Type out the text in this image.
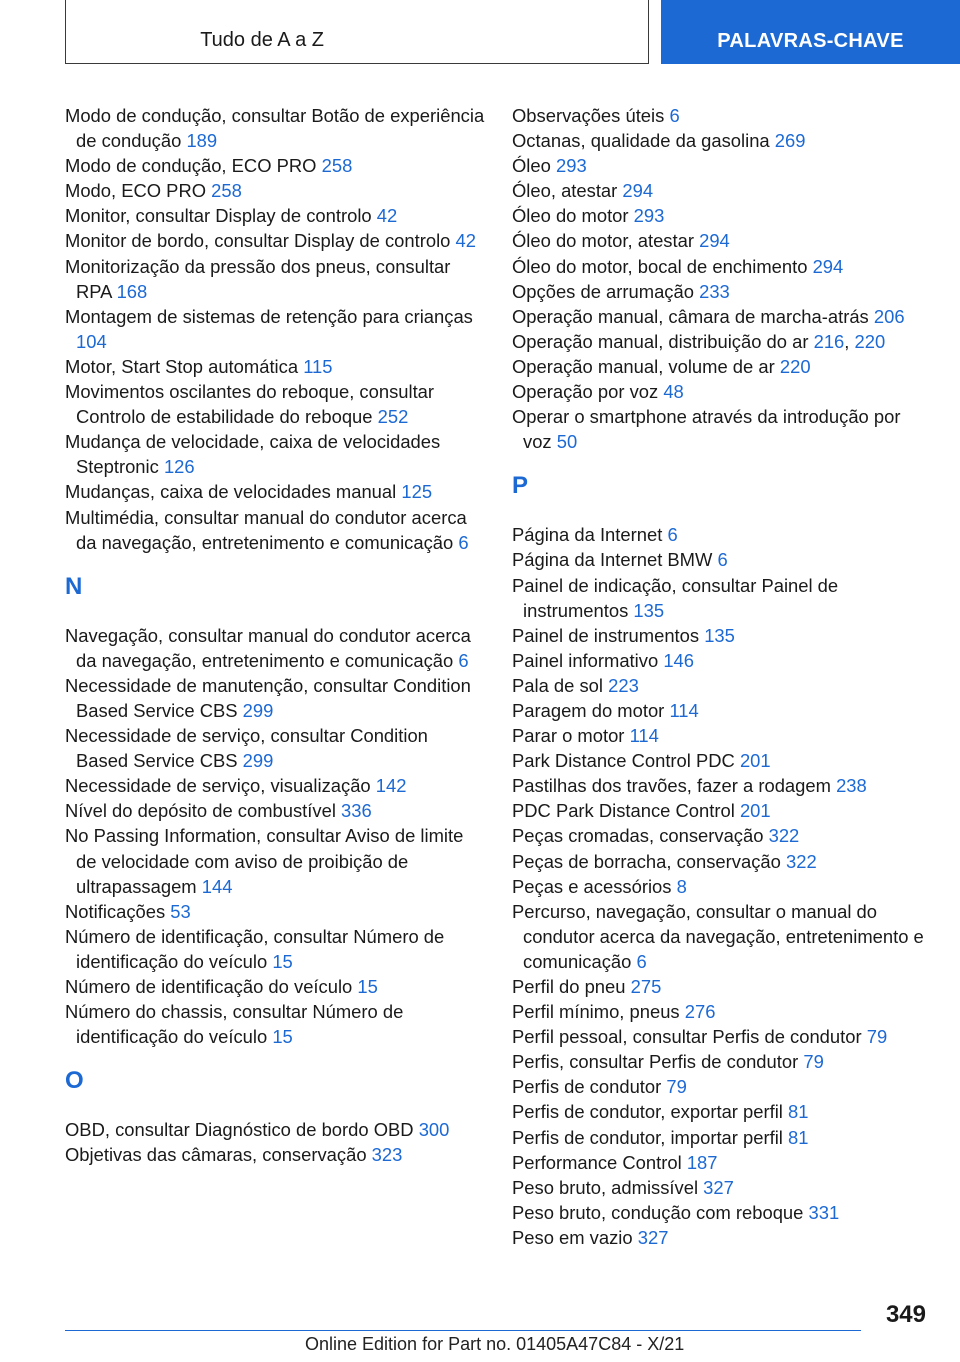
Tudo de A a Z	PALAVRAS-CHAVE
Modo de condução, consultar Botão de experiência de condução 189
Modo de condução, ECO PRO 258
Modo, ECO PRO 258
Monitor, consultar Display de controlo 42
Monitor de bordo, consultar Display de controlo 42
Monitorização da pressão dos pneus, consultar RPA 168
Montagem de sistemas de retenção para crianças 104
Motor, Start Stop automática 115
Movimentos oscilantes do reboque, consultar Controlo de estabilidade do reboque 252
Mudança de velocidade, caixa de velocidades Steptronic 126
Mudanças, caixa de velocidades manual 125
Multimédia, consultar manual do condutor acerca da navegação, entretenimento e comunicação 6
N
Navegação, consultar manual do condutor acerca da navegação, entretenimento e comunicação 6
Necessidade de manutenção, consultar Condition Based Service CBS 299
Necessidade de serviço, consultar Condition Based Service CBS 299
Necessidade de serviço, visualização 142
Nível do depósito de combustível 336
No Passing Information, consultar Aviso de limite de velocidade com aviso de proibição de ultrapassagem 144
Notificações 53
Número de identificação, consultar Número de identificação do veículo 15
Número de identificação do veículo 15
Número do chassis, consultar Número de identificação do veículo 15
O
OBD, consultar Diagnóstico de bordo OBD 300
Objetivas das câmaras, conservação 323
Observações úteis 6
Octanas, qualidade da gasolina 269
Óleo 293
Óleo, atestar 294
Óleo do motor 293
Óleo do motor, atestar 294
Óleo do motor, bocal de enchimento 294
Opções de arrumação 233
Operação manual, câmara de marcha-atrás 206
Operação manual, distribuição do ar 216, 220
Operação manual, volume de ar 220
Operação por voz 48
Operar o smartphone através da introdução por voz 50
P
Página da Internet 6
Página da Internet BMW 6
Painel de indicação, consultar Painel de instrumentos 135
Painel de instrumentos 135
Painel informativo 146
Pala de sol 223
Paragem do motor 114
Parar o motor 114
Park Distance Control PDC 201
Pastilhas dos travões, fazer a rodagem 238
PDC Park Distance Control 201
Peças cromadas, conservação 322
Peças de borracha, conservação 322
Peças e acessórios 8
Percurso, navegação, consultar o manual do condutor acerca da navegação, entretenimento e comunicação 6
Perfil do pneu 275
Perfil mínimo, pneus 276
Perfil pessoal, consultar Perfis de condutor 79
Perfis, consultar Perfis de condutor 79
Perfis de condutor 79
Perfis de condutor, exportar perfil 81
Perfis de condutor, importar perfil 81
Performance Control 187
Peso bruto, admissível 327
Peso bruto, condução com reboque 331
Peso em vazio 327
349
Online Edition for Part no. 01405A47C84 - X/21
